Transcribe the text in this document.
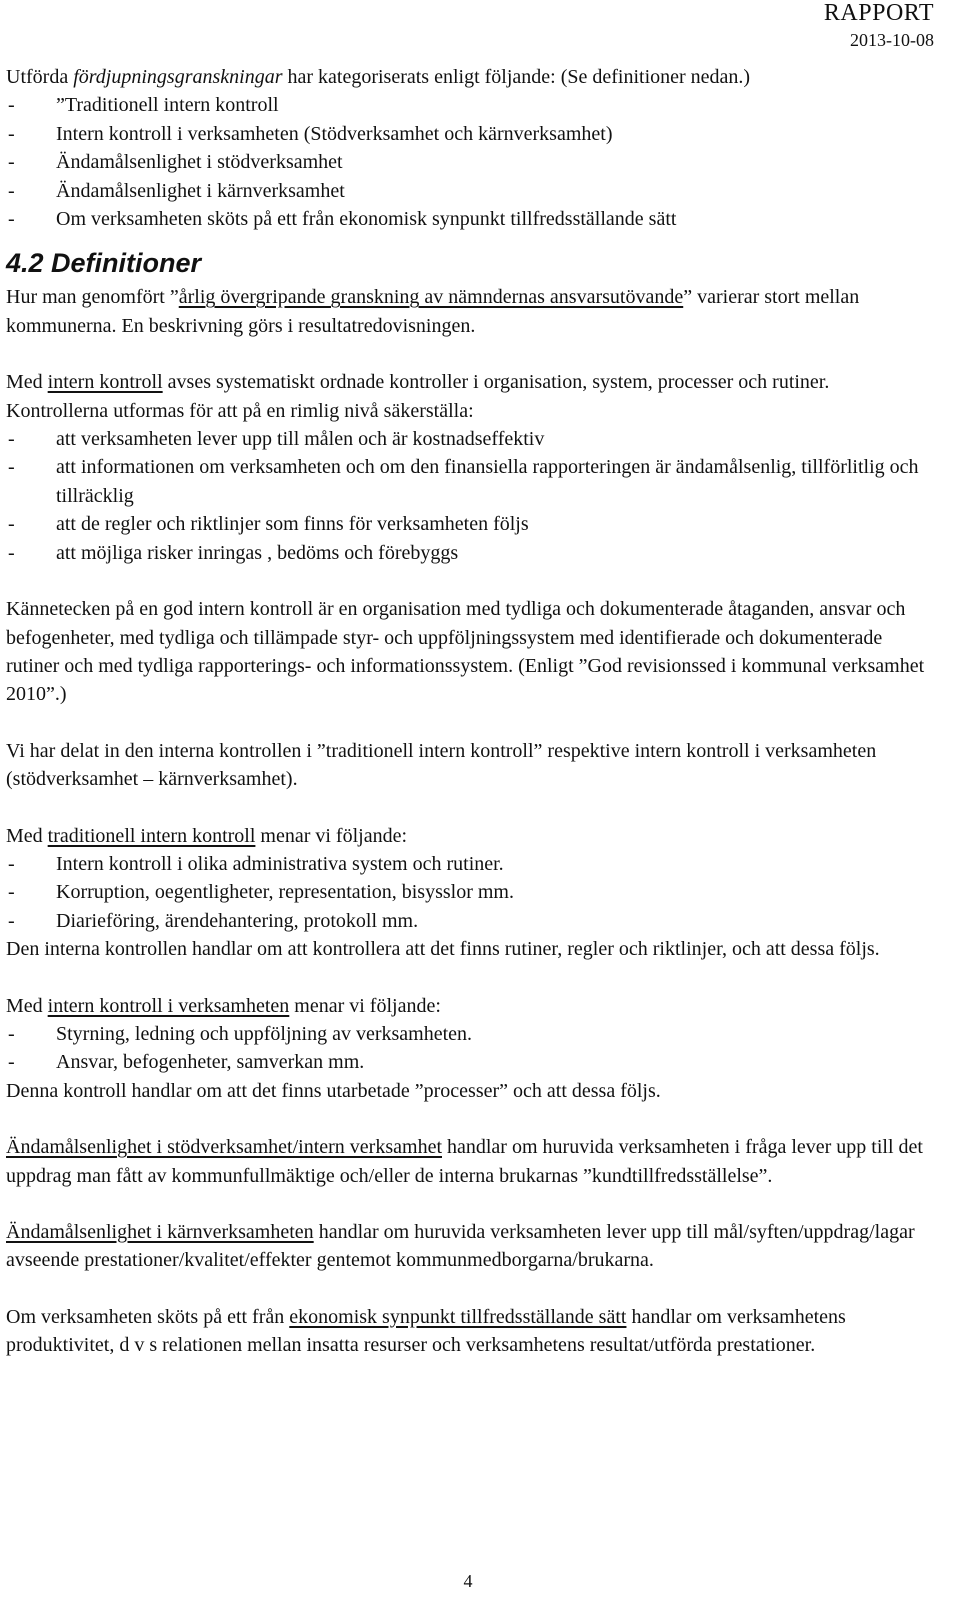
RAPPORT
2013-10-08

Utförda fördjupningsgranskningar har kategoriserats enligt följande: (Se definitioner nedan.)

-	”Traditionell intern kontroll
-	Intern kontroll i verksamheten (Stödverksamhet och kärnverksamhet)
-	Ändamålsenlighet i stödverksamhet
-	Ändamålsenlighet i kärnverksamhet
-	Om verksamheten sköts på ett från ekonomisk synpunkt tillfredsställande sätt
4.2 Definitioner

Hur man genomfört ”årlig övergripande granskning av nämndernas ansvarsutövande” varierar stort mellan kommunerna. En beskrivning görs i resultatredovisningen.

Med intern kontroll avses systematiskt ordnade kontroller i organisation, system, processer och rutiner. Kontrollerna utformas för att på en rimlig nivå säkerställa:

-	att verksamheten lever upp till målen och är kostnadseffektiv
-	att informationen om verksamheten och om den finansiella rapporteringen är ändamålsenlig, tillförlitlig och tillräcklig
-	att de regler och riktlinjer som finns för verksamheten följs
-	att möjliga risker inringas , bedöms och förebyggs

Kännetecken på en god intern kontroll är en organisation med tydliga och dokumenterade åtaganden, ansvar och befogenheter, med tydliga och tillämpade styr- och uppföljningssystem med identifierade och dokumenterade rutiner och med tydliga rapporterings- och informationssystem. (Enligt ”God revisionssed i kommunal verksamhet 2010”.)

Vi har delat in den interna kontrollen i ”traditionell intern kontroll” respektive intern kontroll i verksamheten (stödverksamhet – kärnverksamhet).

Med traditionell intern kontroll menar vi följande:

-	Intern kontroll i olika administrativa system och rutiner.
-	Korruption, oegentligheter, representation, bisysslor mm.
-	Diarieföring, ärendehantering, protokoll mm.

Den interna kontrollen handlar om att kontrollera att det finns rutiner, regler och riktlinjer, och att dessa följs.

Med intern kontroll i verksamheten menar vi följande:

-	Styrning, ledning och uppföljning av verksamheten.
-	Ansvar, befogenheter, samverkan mm.

Denna kontroll handlar om att det finns utarbetade ”processer” och att dessa följs.

Ändamålsenlighet i stödverksamhet/intern verksamhet handlar om huruvida verksamheten i fråga lever upp till det uppdrag man fått av kommunfullmäktige och/eller de interna brukarnas ”kundtillfredsställelse”.

Ändamålsenlighet i kärnverksamheten handlar om huruvida verksamheten lever upp till mål/syften/uppdrag/lagar avseende prestationer/kvalitet/effekter gentemot kommunmedborgarna/brukarna.

Om verksamheten sköts på ett från ekonomisk synpunkt tillfredsställande sätt handlar om verksamhetens produktivitet, d v s relationen mellan insatta resurser och verksamhetens resultat/utförda prestationer.

4
